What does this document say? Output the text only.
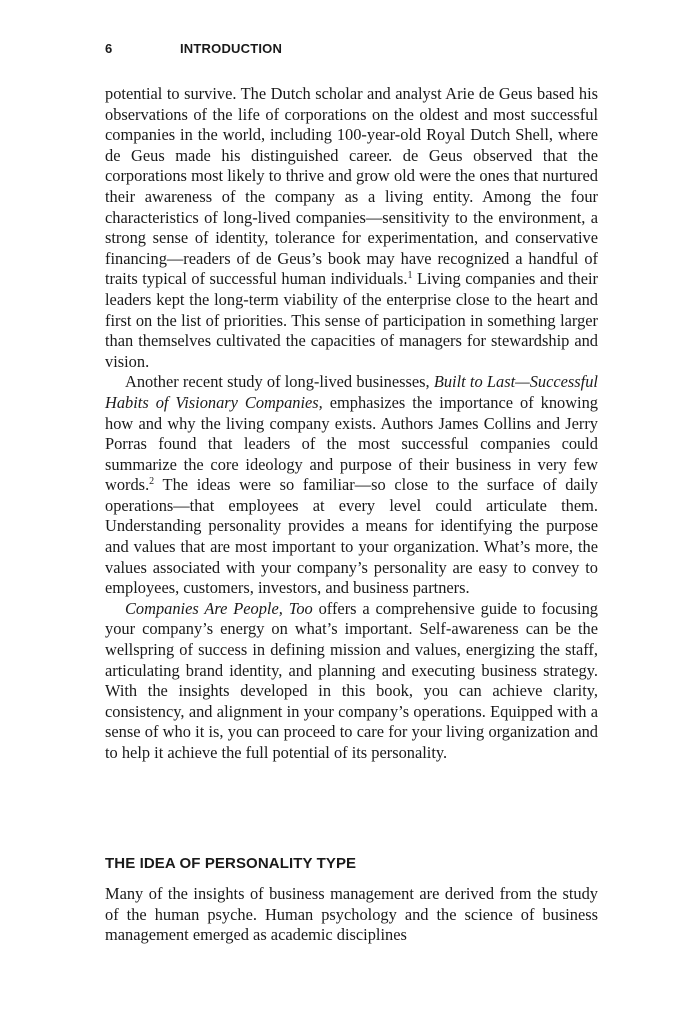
6	INTRODUCTION

potential to survive. The Dutch scholar and analyst Arie de Geus based his observations of the life of corporations on the oldest and most successful companies in the world, including 100-year-old Royal Dutch Shell, where de Geus made his distinguished career. de Geus observed that the corporations most likely to thrive and grow old were the ones that nurtured their awareness of the company as a living entity. Among the four characteristics of long-lived companies—sensitivity to the environment, a strong sense of identity, tolerance for experimentation, and conservative financing—readers of de Geus’s book may have recognized a handful of traits typical of successful human individuals.$^1$ Living companies and their leaders kept the long-term viability of the enterprise close to the heart and first on the list of priorities. This sense of participation in something larger than themselves cultivated the capacities of managers for stewardship and vision.

Another recent study of long-lived businesses, Built to Last—Successful Habits of Visionary Companies, emphasizes the importance of knowing how and why the living company exists. Authors James Collins and Jerry Porras found that leaders of the most successful companies could summarize the core ideology and purpose of their business in very few words.$^2$ The ideas were so familiar—so close to the surface of daily operations—that employees at every level could articulate them. Understanding personality provides a means for identifying the purpose and values that are most important to your organization. What’s more, the values associated with your company’s personality are easy to convey to employees, customers, investors, and business partners.

Companies Are People, Too offers a comprehensive guide to focusing your company’s energy on what’s important. Self-awareness can be the wellspring of success in defining mission and values, energizing the staff, articulating brand identity, and planning and executing business strategy. With the insights developed in this book, you can achieve clarity, consistency, and alignment in your company’s operations. Equipped with a sense of who it is, you can proceed to care for your living organization and to help it achieve the full potential of its personality.

THE IDEA OF PERSONALITY TYPE
Many of the insights of business management are derived from the study of the human psyche. Human psychology and the science of business management emerged as academic disciplines
